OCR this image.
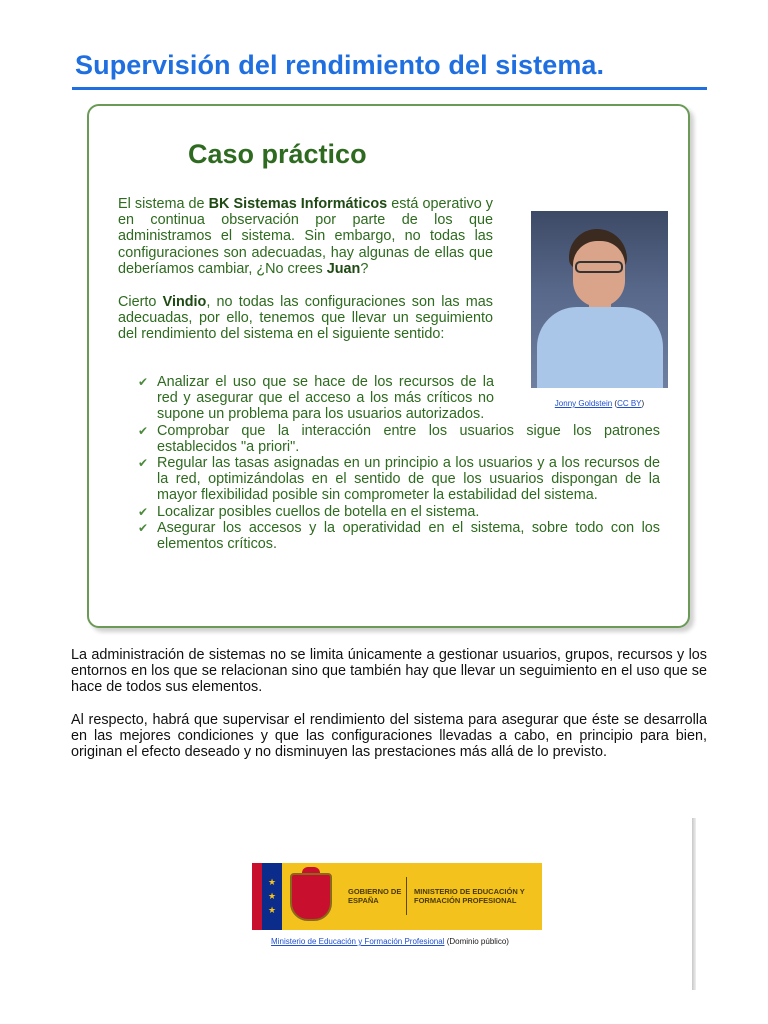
Supervisión del rendimiento del sistema.
Caso práctico
El sistema de BK Sistemas Informáticos está operativo y en continua observación por parte de los que administramos el sistema. Sin embargo, no todas las configuraciones son adecuadas, hay algunas de ellas que deberíamos cambiar, ¿No crees Juan?
Cierto Vindio, no todas las configuraciones son las mas adecuadas, por ello, tenemos que llevar un seguimiento del rendimiento del sistema en el siguiente sentido:
Jonny Goldstein (CC BY)
✔ Analizar el uso que se hace de los recursos de la red y asegurar que el acceso a los más críticos no supone un problema para los usuarios autorizados.
✔ Comprobar que la interacción entre los usuarios sigue los patrones establecidos "a priori".
✔ Regular las tasas asignadas en un principio a los usuarios y a los recursos de la red, optimizándolas en el sentido de que los usuarios dispongan de la mayor flexibilidad posible sin comprometer la estabilidad del sistema.
✔ Localizar posibles cuellos de botella en el sistema.
✔ Asegurar los accesos y la operatividad en el sistema, sobre todo con los elementos críticos.
La administración de sistemas no se limita únicamente a gestionar usuarios, grupos, recursos y los entornos en los que se relacionan sino que también hay que llevar un seguimiento en el uso que se hace de todos sus elementos.
Al respecto, habrá que supervisar el rendimiento del sistema para asegurar que éste se desarrolla en las mejores condiciones y que las configuraciones llevadas a cabo, en principio para bien, originan el efecto deseado y no disminuyen las prestaciones más allá de lo previsto.
★
★
★
GOBIERNO DE ESPAÑA
MINISTERIO DE EDUCACIÓN Y FORMACIÓN PROFESIONAL
Ministerio de Educación y Formación Profesional (Dominio público)
